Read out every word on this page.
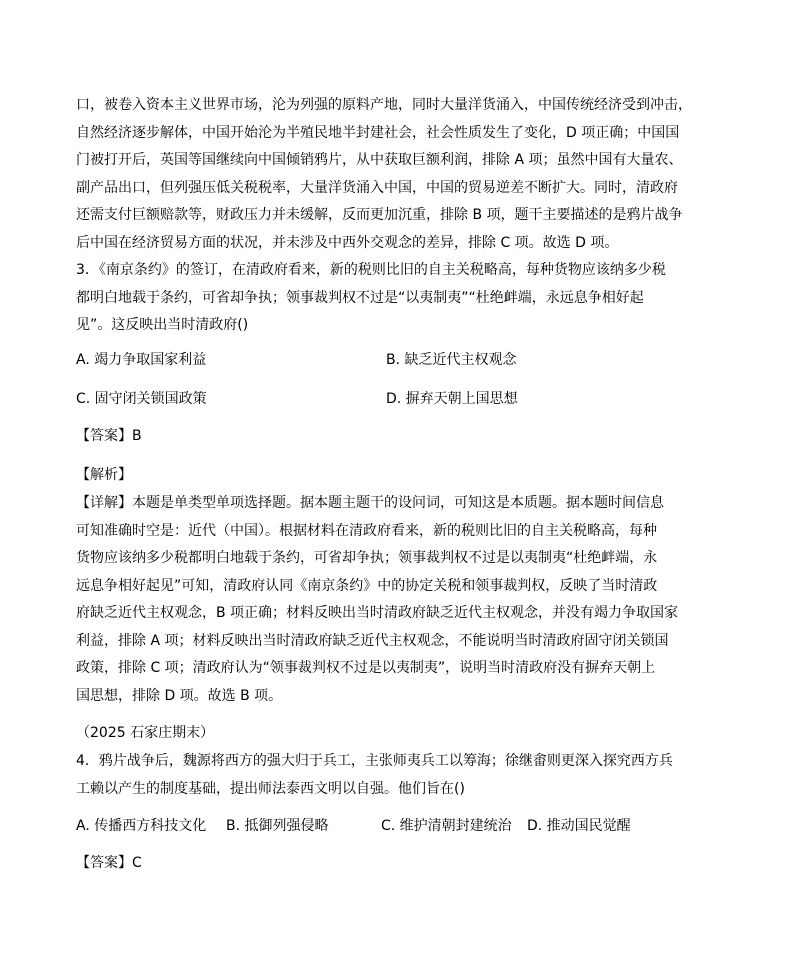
口，被卷入资本主义世界市场，沦为列强的原料产地，同时大量洋货涌入，中国传统经济受到冲击，
自然经济逐步解体，中国开始沦为半殖民地半封建社会，社会性质发生了变化，D 项正确；中国国
门被打开后，英国等国继续向中国倾销鸦片，从中获取巨额利润，排除 A 项；虽然中国有大量农、
副产品出口，但列强压低关税税率，大量洋货涌入中国，中国的贸易逆差不断扩大。同时，清政府
还需支付巨额赔款等，财政压力并未缓解，反而更加沉重，排除 B 项，题干主要描述的是鸦片战争
后中国在经济贸易方面的状况，并未涉及中西外交观念的差异，排除 C 项。故选 D 项。
3．《南京条约》的签订，在清政府看来，新的税则比旧的自主关税略高，每种货物应该纳多少税
都明白地载于条约，可省却争执；领事裁判权不过是“以夷制夷”“杜绝衅端，永远息争相好起
见”。这反映出当时清政府()
A. 竭力争取国家利益	B. 缺乏近代主权观念
C. 固守闭关锁国政策	D. 摒弃天朝上国思想
【答案】B
【解析】
【详解】本题是单类型单项选择题。据本题主题干的设问词，可知这是本质题。据本题时间信息
可知准确时空是：近代（中国）。根据材料在清政府看来，新的税则比旧的自主关税略高，每种
货物应该纳多少税都明白地载于条约，可省却争执；领事裁判权不过是以夷制夷“杜绝衅端，永
远息争相好起见”可知，清政府认同《南京条约》中的协定关税和领事裁判权，反映了当时清政
府缺乏近代主权观念，B 项正确；材料反映出当时清政府缺乏近代主权观念，并没有竭力争取国家
利益，排除 A 项；材料反映出当时清政府缺乏近代主权观念，不能说明当时清政府固守闭关锁国
政策，排除 C 项；清政府认为“领事裁判权不过是以夷制夷”，说明当时清政府没有摒弃天朝上
国思想，排除 D 项。故选 B 项。
（2025 石家庄期末）
4．鸦片战争后，魏源将西方的强大归于兵工，主张师夷兵工以筹海；徐继畬则更深入探究西方兵
工赖以产生的制度基础，提出师法泰西文明以自强。他们旨在()
A. 传播西方科技文化 B. 抵御列强侵略	C. 维护清朝封建统治 D. 推动国民觉醒
【答案】C
